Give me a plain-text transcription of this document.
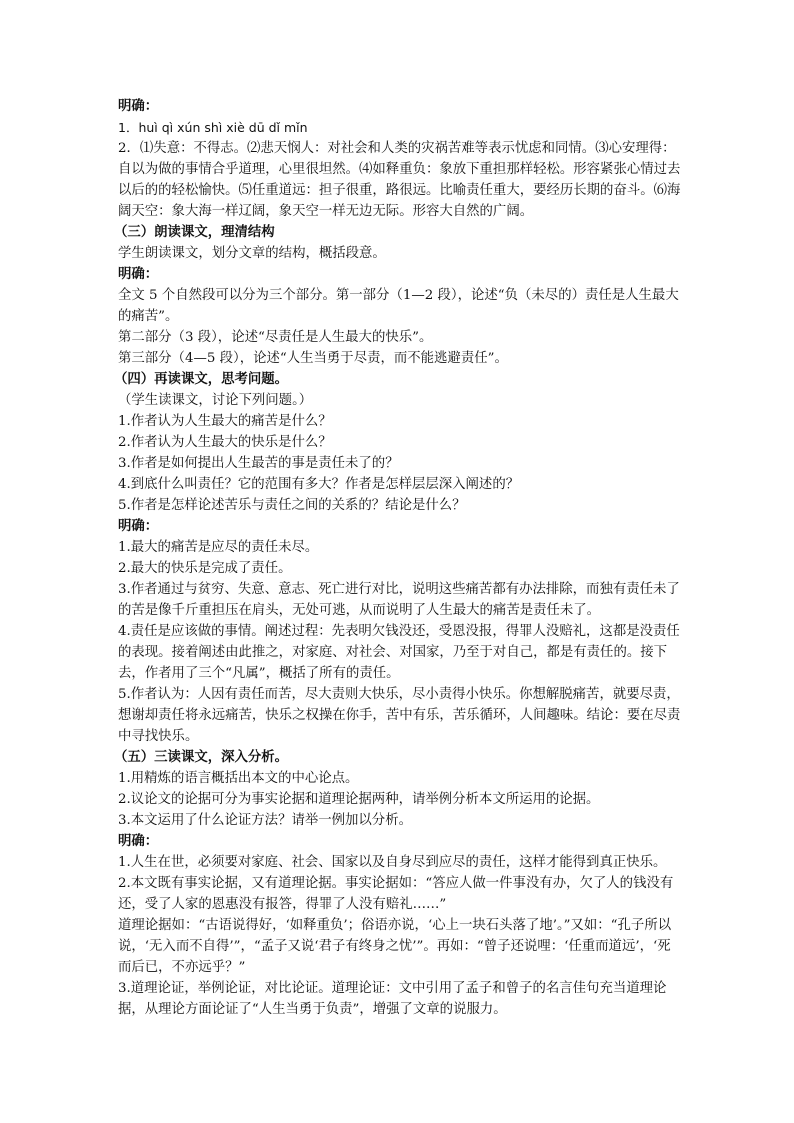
明确：

1．huì qì xún shì xiè dū dǐ mǐn

2．⑴失意：不得志。⑵悲天悯人：对社会和人类的灾祸苦难等表示忧虑和同情。⑶心安理得：自以为做的事情合乎道理，心里很坦然。⑷如释重负：象放下重担那样轻松。形容紧张心情过去以后的的轻松愉快。⑸任重道远：担子很重，路很远。比喻责任重大，要经历长期的奋斗。⑹海阔天空：象大海一样辽阔，象天空一样无边无际。形容大自然的广阔。

（三）朗读课文，理清结构

学生朗读课文，划分文章的结构，概括段意。

明确：

全文 5 个自然段可以分为三个部分。第一部分（1—2 段），论述“负（未尽的）责任是人生最大的痛苦”。

第二部分（3 段），论述“尽责任是人生最大的快乐”。

第三部分（4—5 段），论述“人生当勇于尽责，而不能逃避责任”。

（四）再读课文，思考问题。

（学生读课文，讨论下列问题。）

1.作者认为人生最大的痛苦是什么？

2.作者认为人生最大的快乐是什么？

3.作者是如何提出人生最苦的事是责任未了的？

4.到底什么叫责任？它的范围有多大？作者是怎样层层深入阐述的？

5.作者是怎样论述苦乐与责任之间的关系的？结论是什么？

明确：

1.最大的痛苦是应尽的责任未尽。

2.最大的快乐是完成了责任。

3.作者通过与贫穷、失意、意志、死亡进行对比，说明这些痛苦都有办法排除，而独有责任未了的苦是像千斤重担压在肩头，无处可逃，从而说明了人生最大的痛苦是责任未了。

4.责任是应该做的事情。阐述过程：先表明欠钱没还，受恩没报，得罪人没赔礼，这都是没责任的表现。接着阐述由此推之，对家庭、对社会、对国家，乃至于对自己，都是有责任的。接下去，作者用了三个“凡属”，概括了所有的责任。

5.作者认为：人因有责任而苦，尽大责则大快乐，尽小责得小快乐。你想解脱痛苦，就要尽责，想谢却责任将永远痛苦，快乐之权操在你手，苦中有乐，苦乐循环，人间趣味。结论：要在尽责中寻找快乐。

（五）三读课文，深入分析。

1.用精炼的语言概括出本文的中心论点。

2.议论文的论据可分为事实论据和道理论据两种，请举例分析本文所运用的论据。

3.本文运用了什么论证方法？请举一例加以分析。

明确：

1.人生在世，必须要对家庭、社会、国家以及自身尽到应尽的责任，这样才能得到真正快乐。

2.本文既有事实论据，又有道理论据。事实论据如：“答应人做一件事没有办，欠了人的钱没有还，受了人家的恩惠没有报答，得罪了人没有赔礼……”

道理论据如：“古语说得好，‘如释重负’；俗语亦说，‘心上一块石头落了地’。”又如：“孔子所以说，‘无入而不自得’”，“孟子又说‘君子有终身之忧’”。再如：“曾子还说哩：‘任重而道远’，‘死而后已，不亦远乎？”

3.道理论证，举例论证，对比论证。道理论证：文中引用了孟子和曾子的名言佳句充当道理论据，从理论方面论证了“人生当勇于负责”，增强了文章的说服力。
